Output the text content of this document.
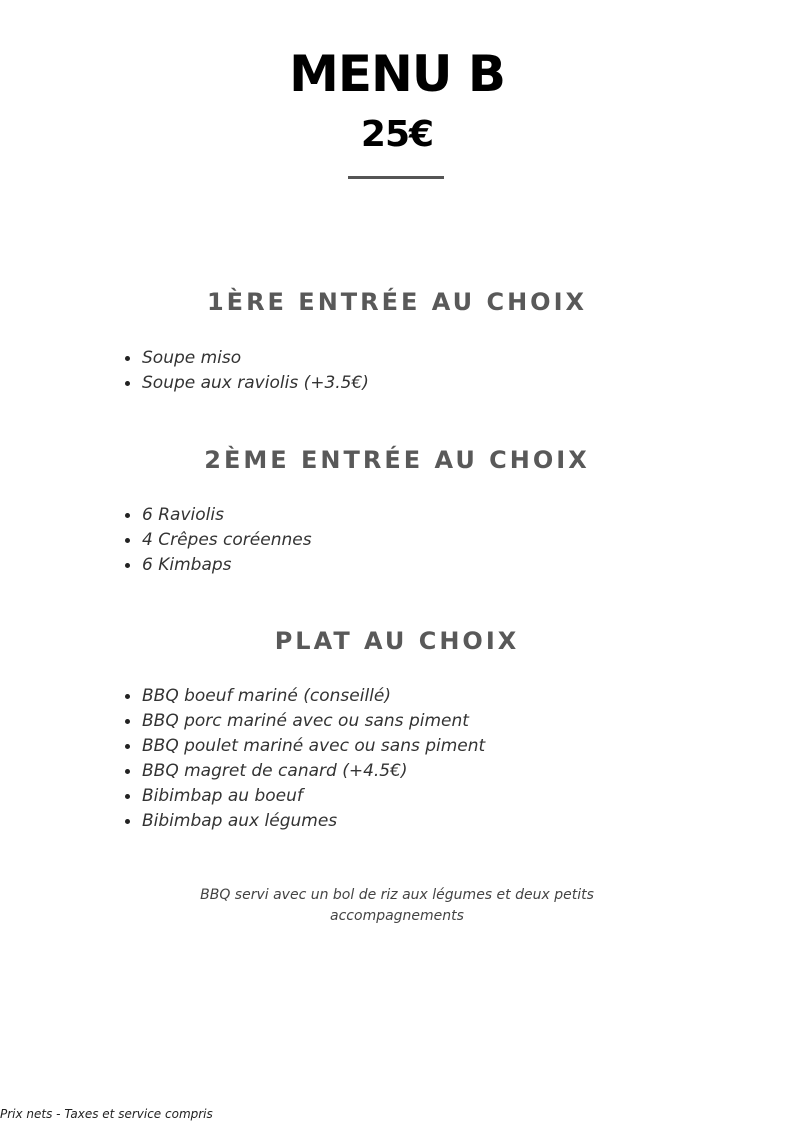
MENU B
25€
1ÈRE ENTRÉE AU CHOIX
Soupe miso
Soupe aux raviolis (+3.5€)
2ÈME ENTRÉE AU CHOIX
6 Raviolis
4 Crêpes coréennes
6 Kimbaps
PLAT AU CHOIX
BBQ boeuf mariné (conseillé)
BBQ porc mariné avec ou sans piment
BBQ poulet mariné avec ou sans piment
BBQ magret de canard (+4.5€)
Bibimbap au boeuf
Bibimbap aux légumes
BBQ servi avec un bol de riz aux légumes et deux petits accompagnements
Prix nets - Taxes et service compris
